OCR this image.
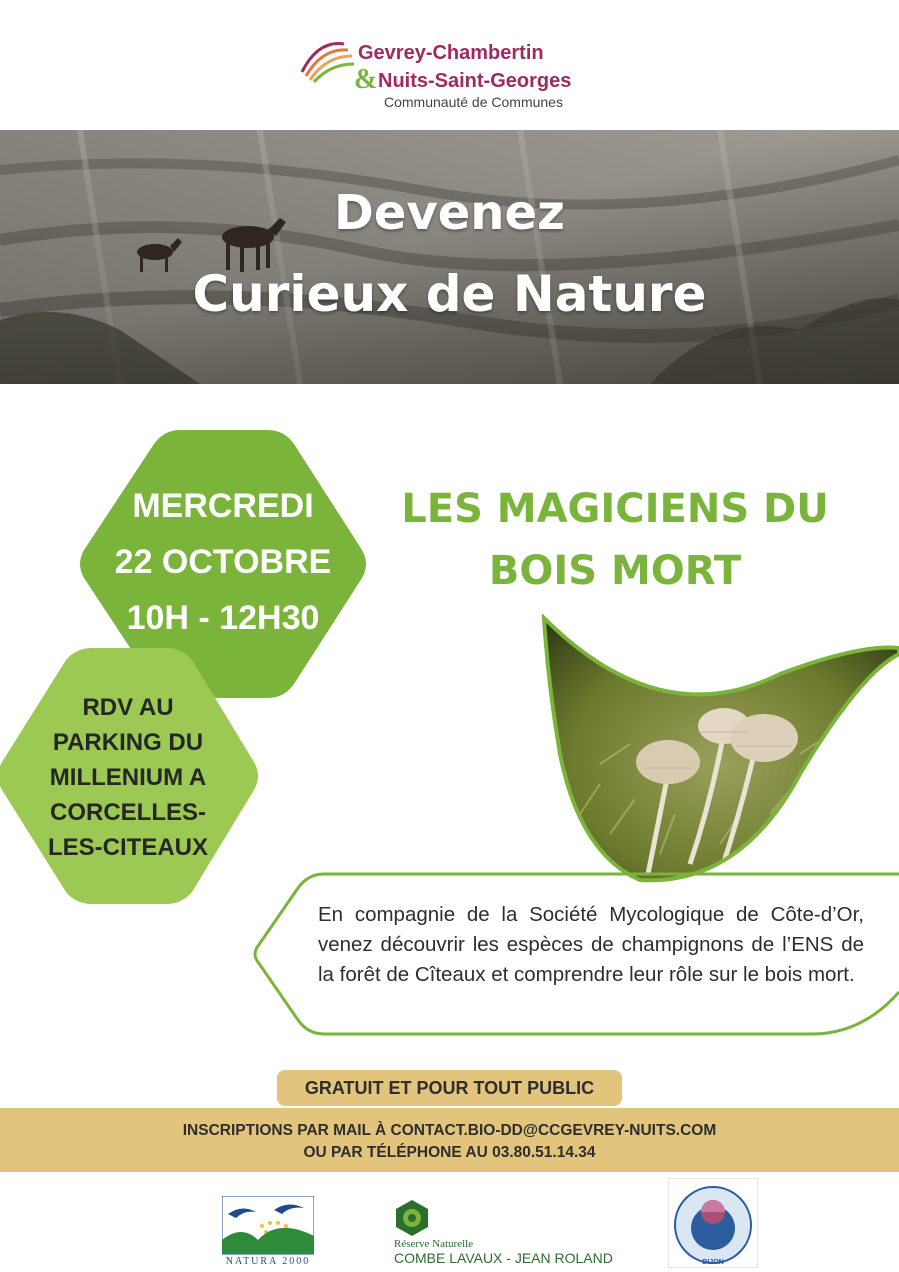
Gevrey-Chambertin
& Nuits-Saint-Georges
Communauté de Communes
Devenez
Curieux de Nature
MERCREDI
22 OCTOBRE
10H - 12H30
RDV AU
PARKING DU
MILLENIUM A
CORCELLES-
LES-CITEAUX
LES MAGICIENS DU
BOIS MORT

En compagnie de la Société Mycologique de Côte-d’Or, venez découvrir les espèces de champignons de l’ENS de la forêt de Cîteaux et comprendre leur rôle sur le bois mort.

GRATUIT ET POUR TOUT PUBLIC
INSCRIPTIONS PAR MAIL À CONTACT.BIO-DD@CCGEVREY-NUITS.COM
OU PAR TÉLÉPHONE AU 03.80.51.14.34
NATURA 2000
Réserve Naturelle
COMBE LAVAUX - JEAN ROLAND	DIJON
